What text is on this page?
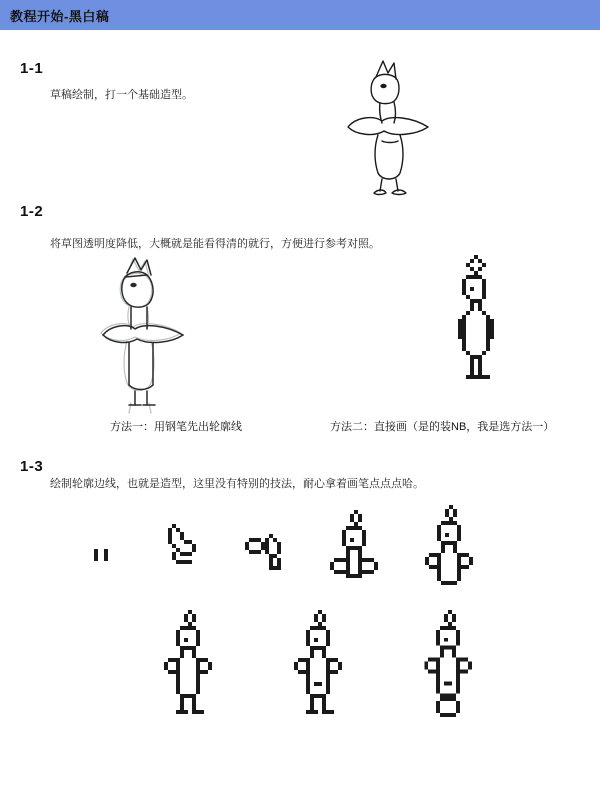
教程开始-黑白稿
1-1
草稿绘制，打一个基础造型。
1-2
将草图透明度降低，大概就是能看得清的就行，方便进行参考对照。
方法一：用钢笔先出轮廓线	方法二：直接画（是的装NB，我是选方法一）
1-3
绘制轮廓边线，也就是造型，这里没有特别的技法，耐心拿着画笔点点点哈。
